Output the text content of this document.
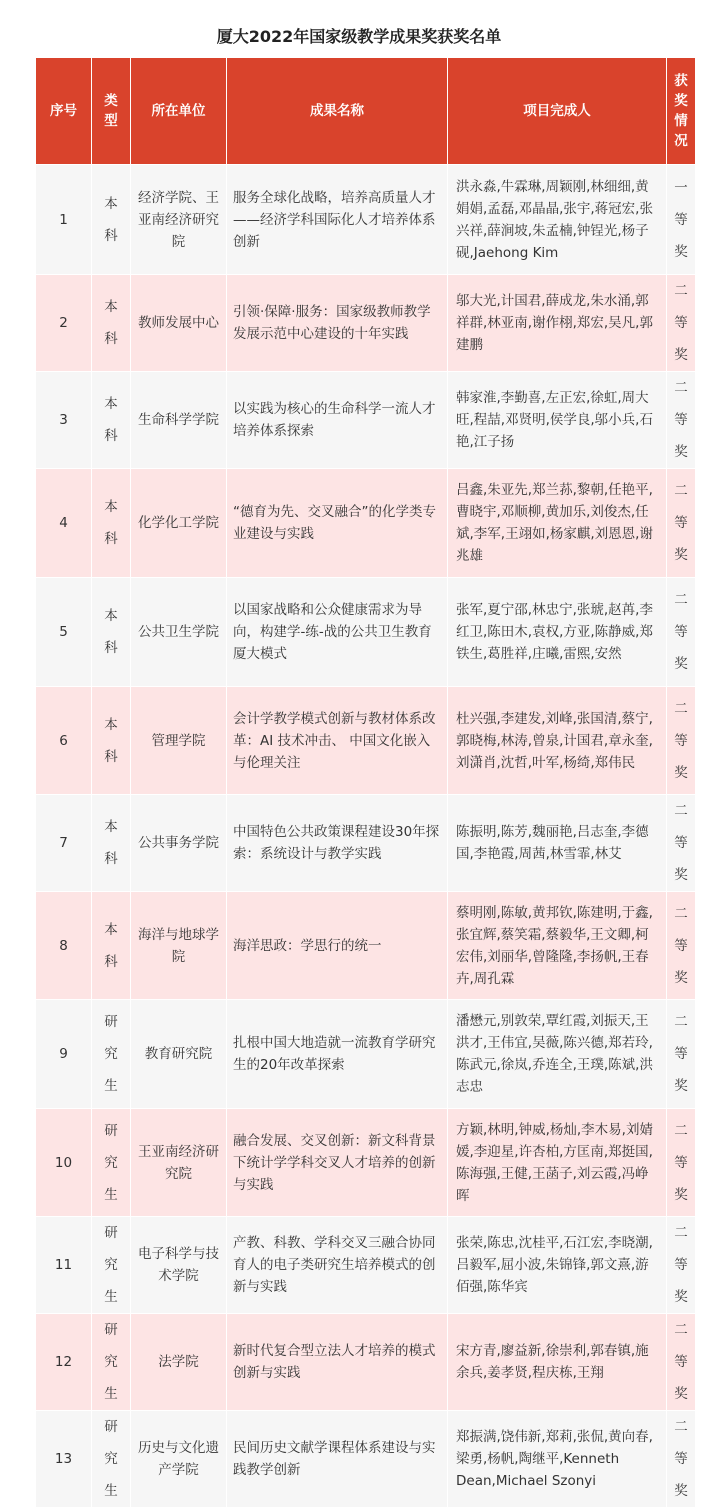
厦大2022年国家级教学成果奖获奖名单
序号	类型	所在单位	成果名称	项目完成人	获奖情况
1	本科	经济学院、王亚南经济研究院	服务全球化战略，培养高质量人才——经济学科国际化人才培养体系创新	洪永淼,牛霖琳,周颖刚,林细细,黄娟娟,孟磊,邓晶晶,张宇,蒋冠宏,张兴祥,薛涧坡,朱孟楠,钟锃光,杨子砚,Jaehong Kim	一等奖
2	本科	教师发展中心	引领·保障·服务：国家级教师教学发展示范中心建设的十年实践	邬大光,计国君,薛成龙,朱水涌,郭祥群,林亚南,谢作栩,郑宏,吴凡,郭建鹏	二等奖
3	本科	生命科学学院	以实践为核心的生命科学一流人才培养体系探索	韩家淮,李勤喜,左正宏,徐虹,周大旺,程喆,邓贤明,侯学良,邬小兵,石艳,江子扬	二等奖
4	本科	化学化工学院	“德育为先、交叉融合”的化学类专业建设与实践	吕鑫,朱亚先,郑兰荪,黎朝,任艳平,曹晓宇,邓顺柳,黄加乐,刘俊杰,任斌,李军,王翊如,杨家麒,刘恩恩,谢兆雄	二等奖
5	本科	公共卫生学院	以国家战略和公众健康需求为导向，构建学-练-战的公共卫生教育厦大模式	张军,夏宁邵,林忠宁,张琥,赵苒,李红卫,陈田木,袁权,方亚,陈静威,郑铁生,葛胜祥,庄曦,雷熙,安然	二等奖
6	本科	管理学院	会计学教学模式创新与教材体系改革：AI 技术冲击、 中国文化嵌入与伦理关注	杜兴强,李建发,刘峰,张国清,蔡宁,郭晓梅,林涛,曾泉,计国君,章永奎,刘潇肖,沈哲,叶军,杨绮,郑伟民	二等奖
7	本科	公共事务学院	中国特色公共政策课程建设30年探索：系统设计与教学实践	陈振明,陈芳,魏丽艳,吕志奎,李德国,李艳霞,周茜,林雪霏,林艾	二等奖
8	本科	海洋与地球学院	海洋思政：学思行的统一	蔡明刚,陈敏,黄邦钦,陈建明,于鑫,张宜辉,蔡笑霜,蔡毅华,王文卿,柯宏伟,刘丽华,曾隆隆,李扬帆,王春卉,周孔霖	二等奖
9	研究生	教育研究院	扎根中国大地造就一流教育学研究生的20年改革探索	潘懋元,别敦荣,覃红霞,刘振天,王洪才,王伟宜,吴薇,陈兴德,郑若玲,陈武元,徐岚,乔连全,王璞,陈斌,洪志忠	二等奖
10	研究生	王亚南经济研究院	融合发展、交叉创新：新文科背景下统计学学科交叉人才培养的创新与实践	方颖,林明,钟威,杨灿,李木易,刘婧媛,李迎星,许杏柏,方匡南,郑挺国,陈海强,王健,王菡子,刘云霞,冯峥晖	二等奖
11	研究生	电子科学与技术学院	产教、科教、学科交叉三融合协同育人的电子类研究生培养模式的创新与实践	张荣,陈忠,沈桂平,石江宏,李晓潮,吕毅军,屈小波,朱锦锋,郭文熹,游佰强,陈华宾	二等奖
12	研究生	法学院	新时代复合型立法人才培养的模式创新与实践	宋方青,廖益新,徐崇利,郭春镇,施余兵,姜孝贤,程庆栋,王翔	二等奖
13	研究生	历史与文化遗产学院	民间历史文献学课程体系建设与实践教学创新	郑振满,饶伟新,郑莉,张侃,黄向春,梁勇,杨帆,陶继平,Kenneth Dean,Michael Szonyi	二等奖
